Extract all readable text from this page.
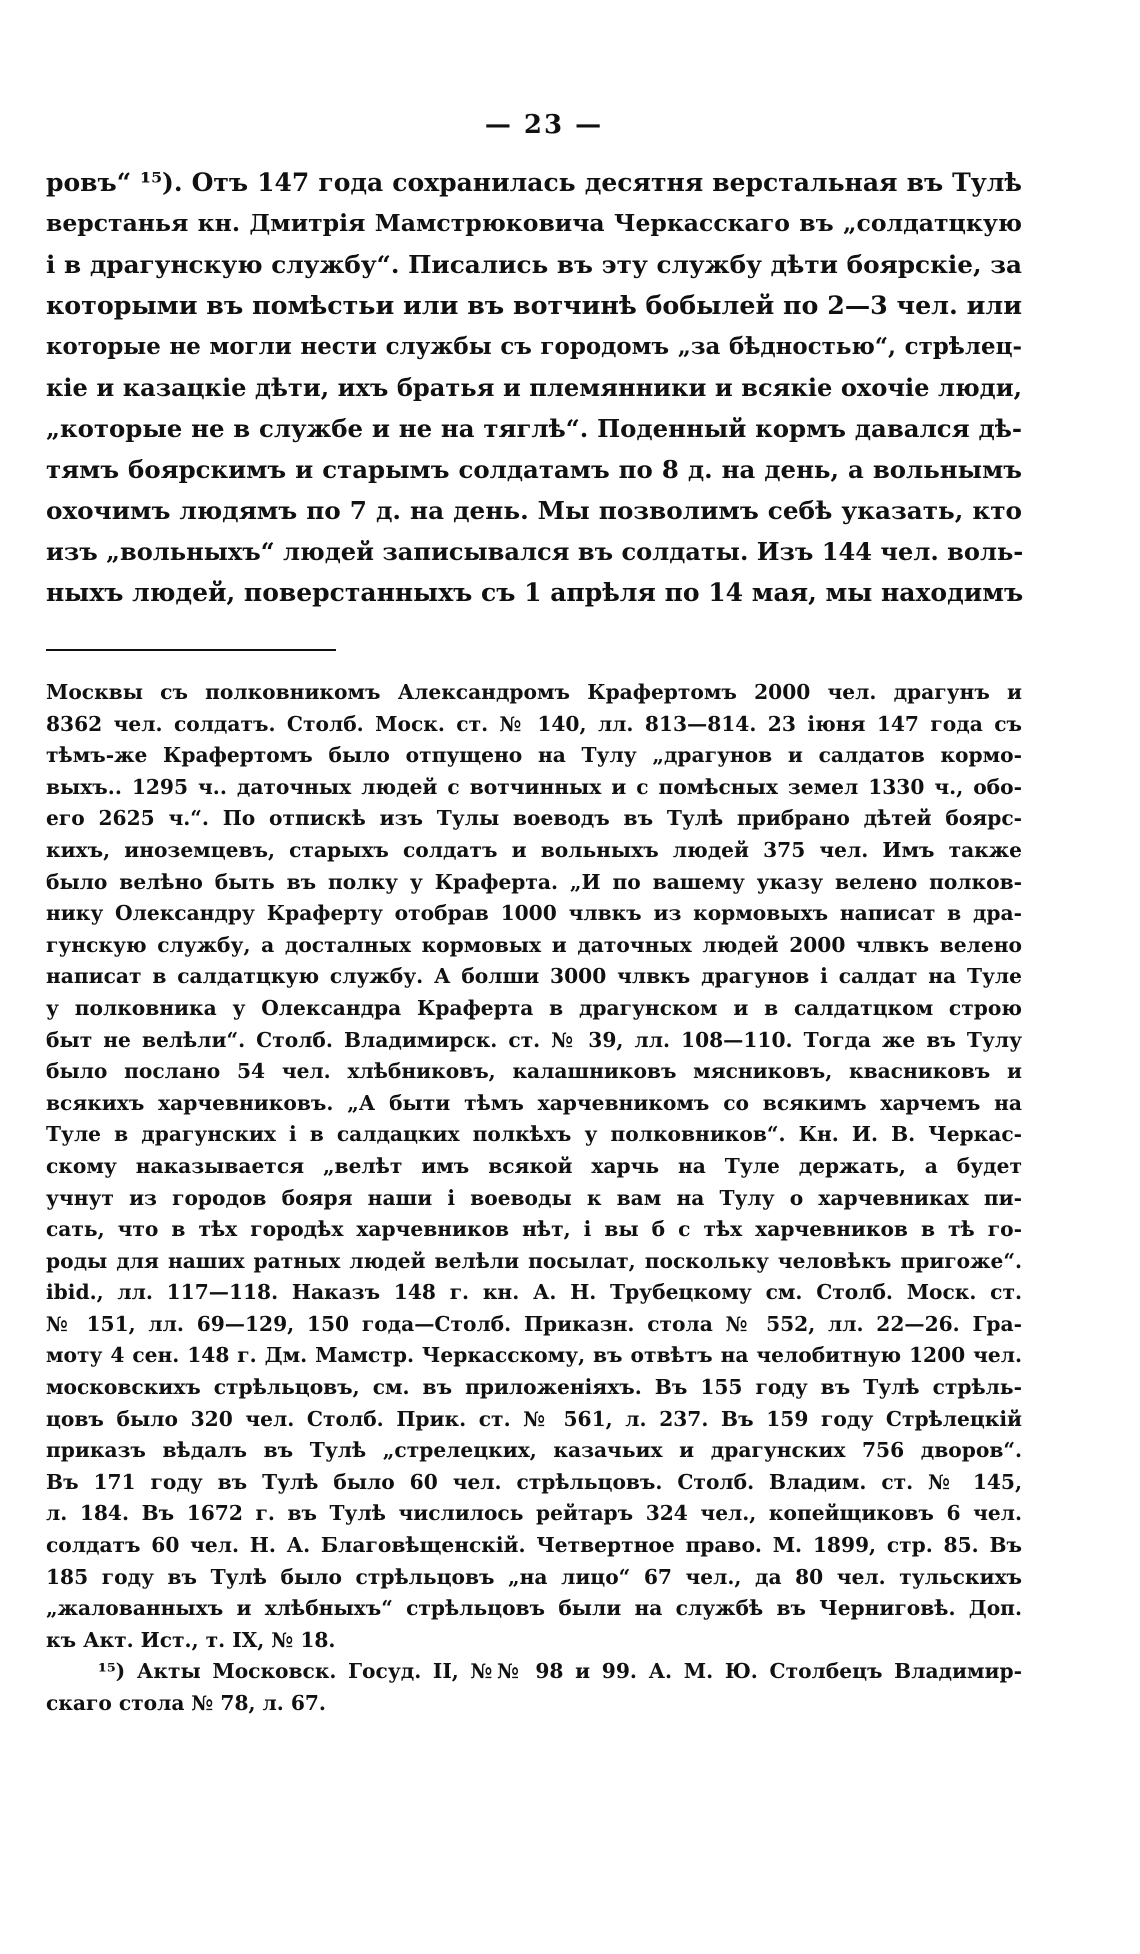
— 23 —
ровъ“ ¹⁵). Отъ 147 года сохранилась десятня верстальная въ Тулѣ
верстанья кн. Дмитрія Мамстрюковича Черкасскаго въ „солдатцкую
і в драгунскую службу“. Писались въ эту службу дѣти боярскіе, за
которыми въ помѣстьи или въ вотчинѣ бобылей по 2—3 чел. или
которые не могли нести службы съ городомъ „за бѣдностью“, стрѣлец-
кіе и казацкіе дѣти, ихъ братья и племянники и всякіе охочіе люди,
„которые не в службе и не на тяглѣ“. Поденный кормъ давался дѣ-
тямъ боярскимъ и старымъ солдатамъ по 8 д. на день, а вольнымъ
охочимъ людямъ по 7 д. на день. Мы позволимъ себѣ указать, кто
изъ „вольныхъ“ людей записывался въ солдаты. Изъ 144 чел. воль-
ныхъ людей, поверстанныхъ съ 1 апрѣля по 14 мая, мы находимъ
Москвы съ полковникомъ Александромъ Крафертомъ 2000 чел. драгунъ и
8362 чел. солдатъ. Столб. Моск. ст. № 140, лл. 813—814. 23 іюня 147 года съ
тѣмъ-же Крафертомъ было отпущено на Тулу „драгунов и салдатов кормо-
выхъ.. 1295 ч.. даточных людей с вотчинных и с помѣсных земел 1330 ч., обо-
его 2625 ч.“. По отпискѣ изъ Тулы воеводъ въ Тулѣ прибрано дѣтей боярс-
кихъ, иноземцевъ, старыхъ солдатъ и вольныхъ людей 375 чел. Имъ также
было велѣно быть въ полку у Краферта. „И по вашему указу велено полков-
нику Олександру Краферту отобрав 1000 члвкъ из кормовыхъ написат в дра-
гунскую службу, а досталных кормовых и даточных людей 2000 члвкъ велено
написат в салдатцкую службу. А болши 3000 члвкъ драгунов і салдат на Туле
у полковника у Олександра Краферта в драгунском и в салдатцком строю
быт не велѣли“. Столб. Владимирск. ст. № 39, лл. 108—110. Тогда же въ Тулу
было послано 54 чел. хлѣбниковъ, калашниковъ мясниковъ, квасниковъ и
всякихъ харчевниковъ. „А быти тѣмъ харчевникомъ со всякимъ харчемъ на
Туле в драгунских і в салдацких полкѣхъ у полковников“. Кн. И. В. Черкас-
скому наказывается „велѣт имъ всякой харчь на Туле держать, а будет
учнут из городов бояря наши і воеводы к вам на Тулу о харчевниках пи-
сать, что в тѣх городѣх харчевников нѣт, і вы б с тѣх харчевников в тѣ го-
роды для наших ратных людей велѣли посылат, поскольку человѣкъ пригоже“.
ibid., лл. 117—118. Наказъ 148 г. кн. А. Н. Трубецкому см. Столб. Моск. ст.
№ 151, лл. 69—129, 150 года—Столб. Приказн. стола № 552, лл. 22—26. Гра-
моту 4 сен. 148 г. Дм. Мамстр. Черкасскому, въ отвѣтъ на челобитную 1200 чел.
московскихъ стрѣльцовъ, см. въ приложеніяхъ. Въ 155 году въ Тулѣ стрѣль-
цовъ было 320 чел. Столб. Прик. ст. № 561, л. 237. Въ 159 году Стрѣлецкій
приказъ вѣдалъ въ Тулѣ „стрелецких, казачьих и драгунских 756 дворов“.
Въ 171 году въ Тулѣ было 60 чел. стрѣльцовъ. Столб. Владим. ст. № 145,
л. 184. Въ 1672 г. въ Тулѣ числилось рейтаръ 324 чел., копейщиковъ 6 чел.
солдатъ 60 чел. Н. А. Благовѣщенскій. Четвертное право. М. 1899, стр. 85. Въ
185 году въ Тулѣ было стрѣльцовъ „на лицо“ 67 чел., да 80 чел. тульскихъ
„жалованныхъ и хлѣбныхъ“ стрѣльцовъ были на службѣ въ Черниговѣ. Доп.
къ Акт. Ист., т. IX, № 18.
¹⁵) Акты Московск. Госуд. II, №№ 98 и 99. А. М. Ю. Столбецъ Владимир-
скаго стола № 78, л. 67.
